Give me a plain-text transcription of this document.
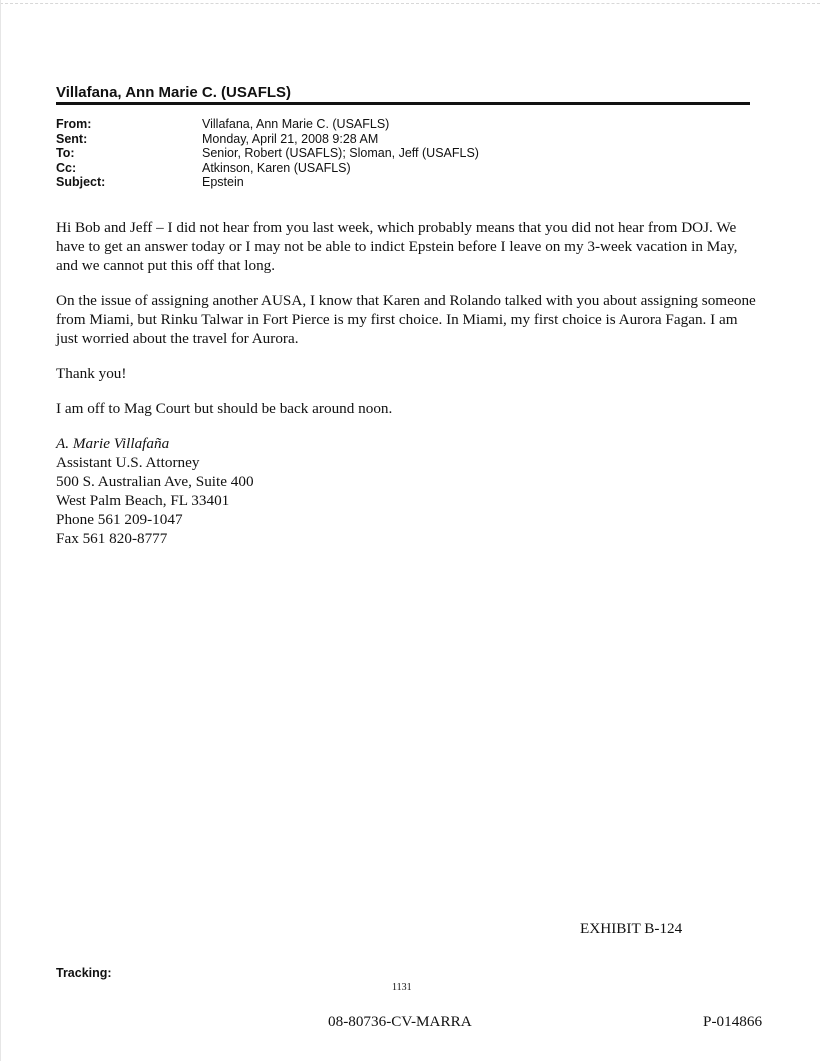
Villafana, Ann Marie C. (USAFLS)
From:	Villafana, Ann Marie C. (USAFLS)
Sent:	Monday, April 21, 2008 9:28 AM
To:	Senior, Robert (USAFLS); Sloman, Jeff (USAFLS)
Cc:	Atkinson, Karen (USAFLS)
Subject:	Epstein

Hi Bob and Jeff – I did not hear from you last week, which probably means that you did not hear from DOJ. We have to get an answer today or I may not be able to indict Epstein before I leave on my 3-week vacation in May, and we cannot put this off that long.

On the issue of assigning another AUSA, I know that Karen and Rolando talked with you about assigning someone from Miami, but Rinku Talwar in Fort Pierce is my first choice. In Miami, my first choice is Aurora Fagan. I am just worried about the travel for Aurora.

Thank you!

I am off to Mag Court but should be back around noon.

A. Marie Villafaña
Assistant U.S. Attorney
500 S. Australian Ave, Suite 400
West Palm Beach, FL 33401
Phone 561 209-1047
Fax 561 820-8777
EXHIBIT B-124
Tracking:
1131
08-80736-CV-MARRA	P-014866
